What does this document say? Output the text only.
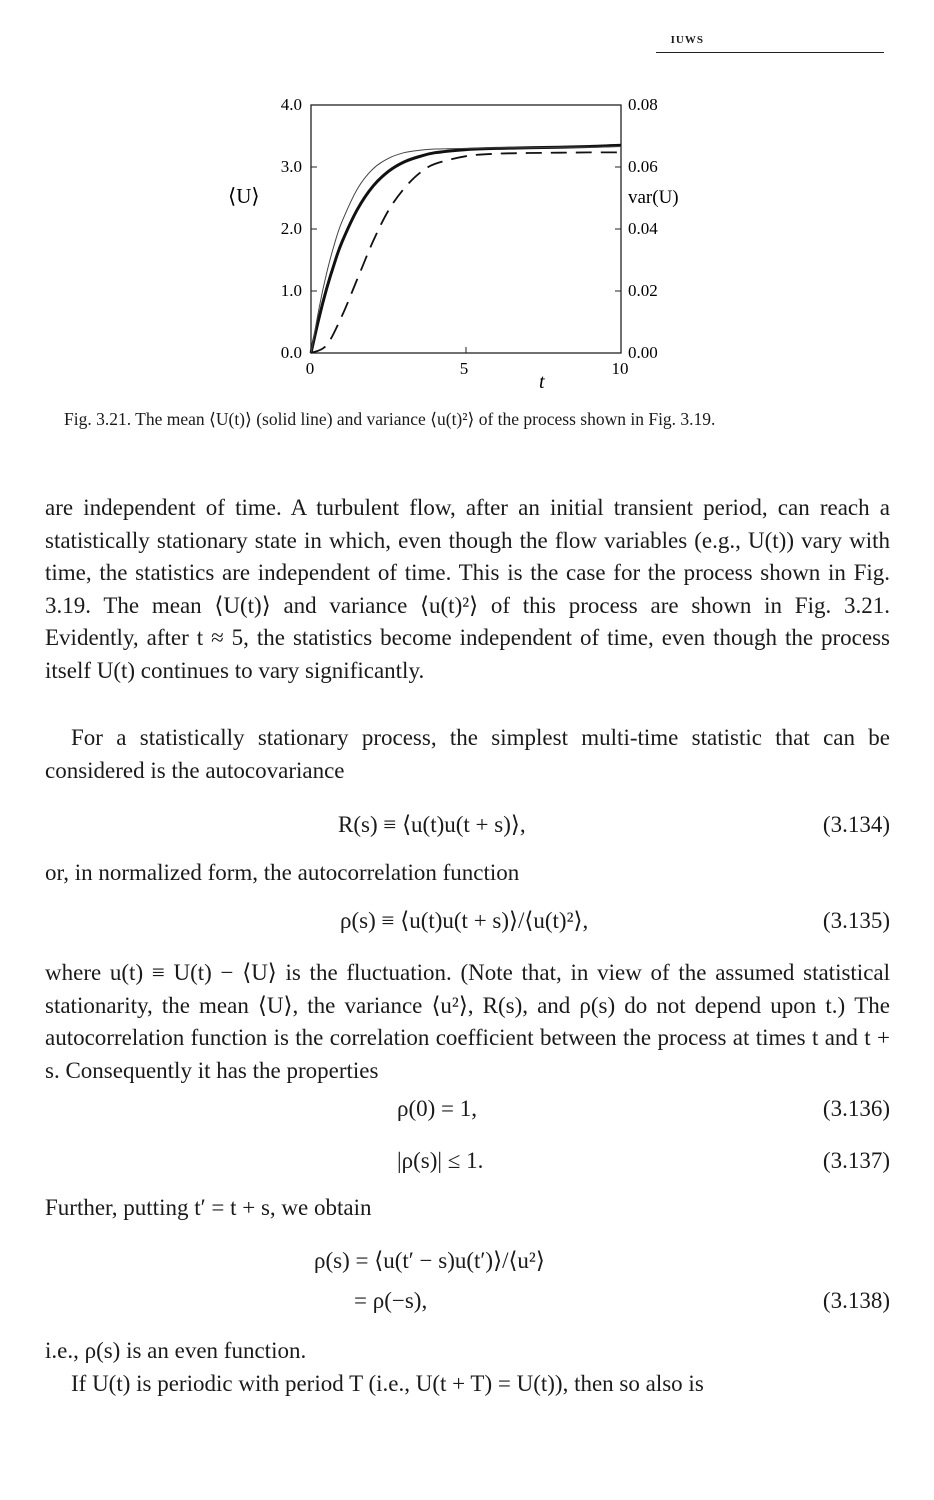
IUWS
0.0
1.0
2.0
3.0
4.0
0.00
0.02
0.04
0.06
0.08
0	5	10
⟨U⟩	var(U)
t
Fig. 3.21. The mean ⟨U(t)⟩ (solid line) and variance ⟨u(t)²⟩ of the process shown in Fig. 3.19.
are independent of time. A turbulent flow, after an initial transient period, can reach a statistically stationary state in which, even though the flow variables (e.g., U(t)) vary with time, the statistics are independent of time. This is the case for the process shown in Fig. 3.19. The mean ⟨U(t)⟩ and variance ⟨u(t)²⟩ of this process are shown in Fig. 3.21. Evidently, after t ≈ 5, the statistics become independent of time, even though the process itself U(t) continues to vary significantly.
For a statistically stationary process, the simplest multi-time statistic that can be considered is the autocovariance
R(s) ≡ ⟨u(t)u(t + s)⟩,	(3.134)
or, in normalized form, the autocorrelation function
ρ(s) ≡ ⟨u(t)u(t + s)⟩/⟨u(t)²⟩,	(3.135)
where u(t) ≡ U(t) − ⟨U⟩ is the fluctuation. (Note that, in view of the assumed statistical stationarity, the mean ⟨U⟩, the variance ⟨u²⟩, R(s), and ρ(s) do not depend upon t.) The autocorrelation function is the correlation coefficient between the process at times t and t + s. Consequently it has the properties
ρ(0) = 1,	(3.136)
|ρ(s)| ≤ 1.	(3.137)
Further, putting t′ = t + s, we obtain
ρ(s) = ⟨u(t′ − s)u(t′)⟩/⟨u²⟩
= ρ(−s),	(3.138)
i.e., ρ(s) is an even function.
If U(t) is periodic with period T (i.e., U(t + T) = U(t)), then so also is
